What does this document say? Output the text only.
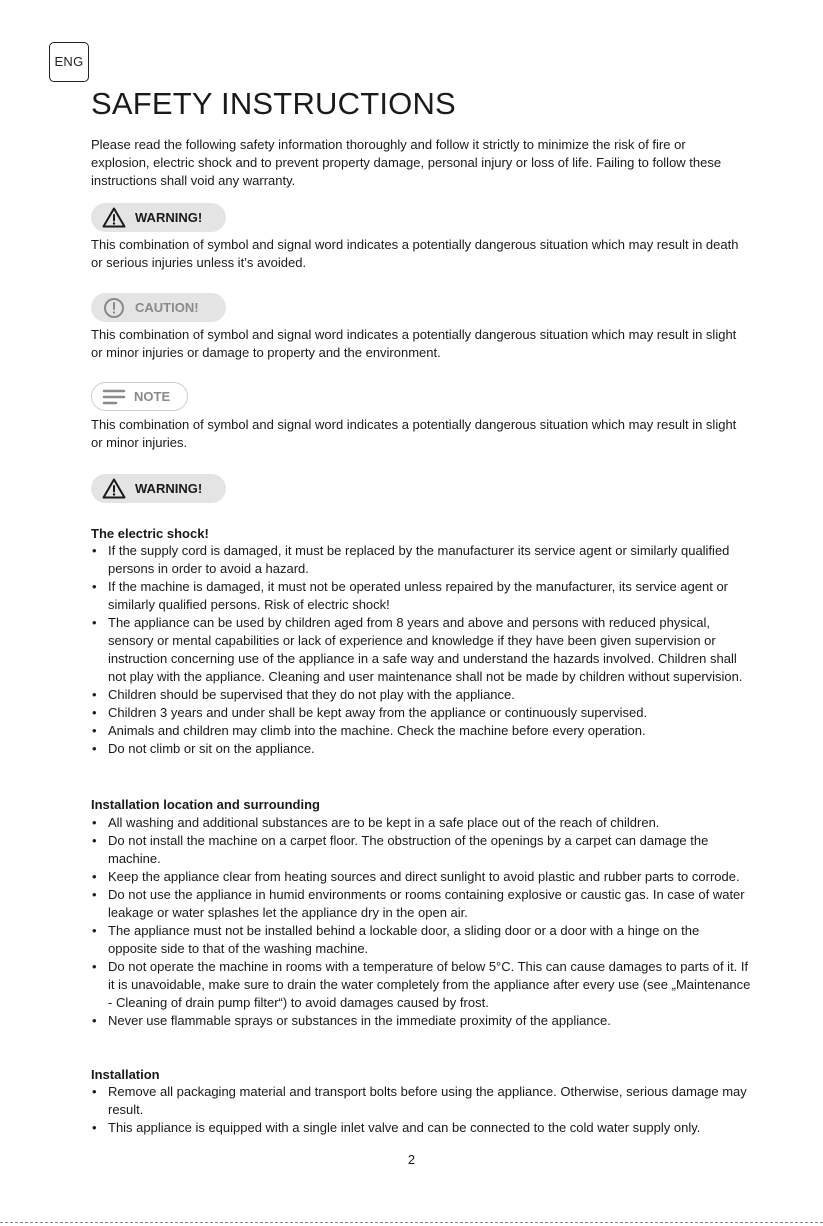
ENG
SAFETY INSTRUCTIONS

Please read the following safety information thoroughly and follow it strictly to minimize the risk of fire or explosion, electric shock and to prevent property damage, personal injury or loss of life. Failing to follow these instructions shall void any warranty.

WARNING!

This combination of symbol and signal word indicates a potentially dangerous situation which may result in death or serious injuries unless it’s avoided.

CAUTION!

This combination of symbol and signal word indicates a potentially dangerous situation which may result in slight or minor injuries or damage to property and the environment.

NOTE

This combination of symbol and signal word indicates a potentially dangerous situation which may result in slight or minor injuries.

WARNING!

The electric shock!

• If the supply cord is damaged, it must be replaced by the manufacturer its service agent or similarly qualified persons in order to avoid a hazard.
• If the machine is damaged, it must not be operated unless repaired by the manufacturer, its service agent or similarly qualified persons. Risk of electric shock!
• The appliance can be used by children aged from 8 years and above and persons with reduced physical, sensory or mental capabilities or lack of experience and knowledge if they have been given supervision or instruction concerning use of the appliance in a safe way and understand the hazards involved. Children shall not play with the appliance. Cleaning and user maintenance shall not be made by children without supervision.
• Children should be supervised that they do not play with the appliance.
• Children 3 years and under shall be kept away from the appliance or continuously supervised.
• Animals and children may climb into the machine. Check the machine before every operation.
• Do not climb or sit on the appliance.

Installation location and surrounding

• All washing and additional substances are to be kept in a safe place out of the reach of children.
• Do not install the machine on a carpet floor. The obstruction of the openings by a carpet can damage the machine.
• Keep the appliance clear from heating sources and direct sunlight to avoid plastic and rubber parts to corrode.
• Do not use the appliance in humid environments or rooms containing explosive or caustic gas. In case of water leakage or water splashes let the appliance dry in the open air.
• The appliance must not be installed behind a lockable door, a sliding door or a door with a hinge on the opposite side to that of the washing machine.
• Do not operate the machine in rooms with a temperature of below 5°C. This can cause damages to parts of it. If it is unavoidable, make sure to drain the water completely from the appliance after every use (see „Maintenance - Cleaning of drain pump filter“) to avoid damages caused by frost.
• Never use flammable sprays or substances in the immediate proximity of the appliance.

Installation

• Remove all packaging material and transport bolts before using the appliance. Otherwise, serious damage may result.
• This appliance is equipped with a single inlet valve and can be connected to the cold water supply only.
2
